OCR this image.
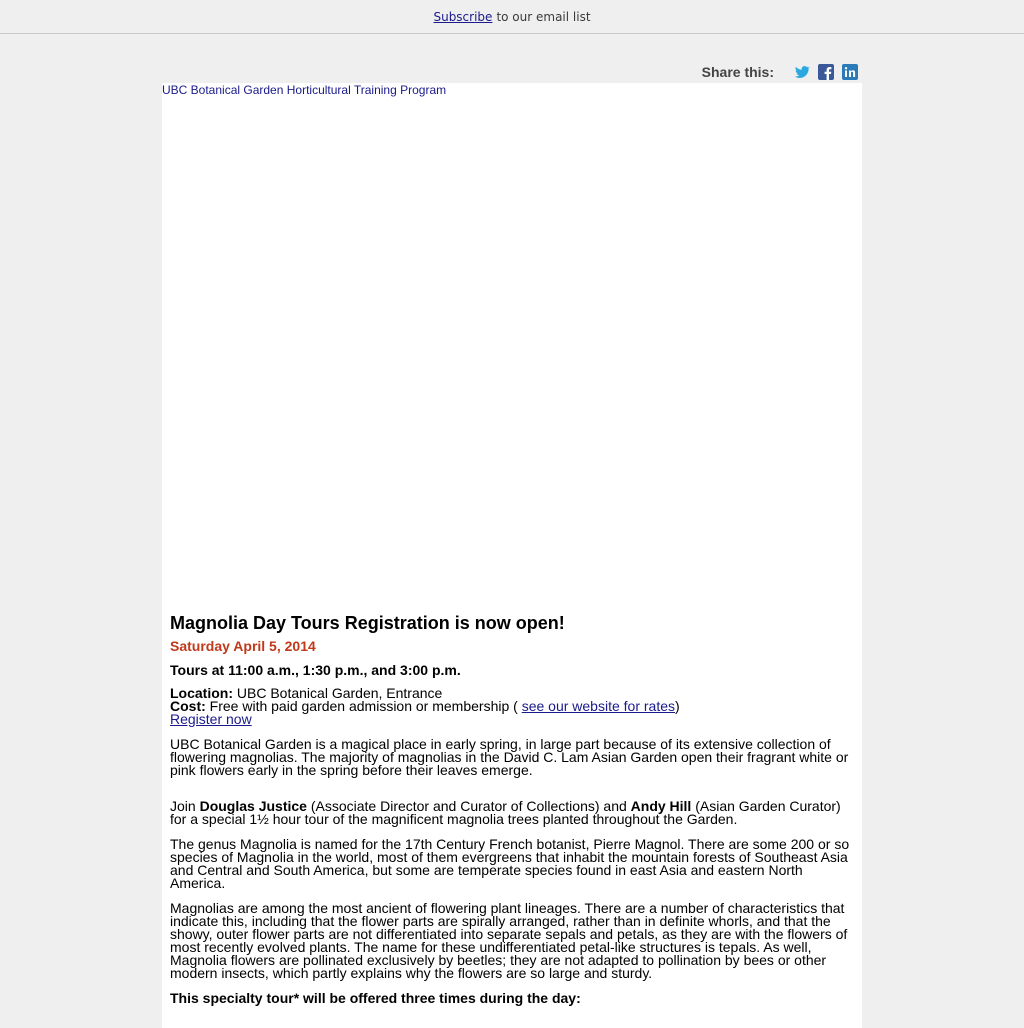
Subscribe to our email list
Share this:
UBC Botanical Garden Horticultural Training Program
Magnolia Day Tours Registration is now open!
Saturday April 5, 2014
Tours at 11:00 a.m., 1:30 p.m., and 3:00 p.m.
Location: UBC Botanical Garden, Entrance
Cost: Free with paid garden admission or membership ( see our website for rates)
Register now

UBC Botanical Garden is a magical place in early spring, in large part because of its extensive collection of flowering magnolias. The majority of magnolias in the David C. Lam Asian Garden open their fragrant white or pink flowers early in the spring before their leaves emerge.

Join Douglas Justice (Associate Director and Curator of Collections) and Andy Hill (Asian Garden Curator) for a special 1½ hour tour of the magnificent magnolia trees planted throughout the Garden.

The genus Magnolia is named for the 17th Century French botanist, Pierre Magnol. There are some 200 or so species of Magnolia in the world, most of them evergreens that inhabit the mountain forests of Southeast Asia and Central and South America, but some are temperate species found in east Asia and eastern North America.

Magnolias are among the most ancient of flowering plant lineages. There are a number of characteristics that indicate this, including that the flower parts are spirally arranged, rather than in definite whorls, and that the showy, outer flower parts are not differentiated into separate sepals and petals, as they are with the flowers of most recently evolved plants. The name for these undifferentiated petal-like structures is tepals. As well, Magnolia flowers are pollinated exclusively by beetles; they are not adapted to pollination by bees or other modern insects, which partly explains why the flowers are so large and sturdy.

This specialty tour* will be offered three times during the day:
